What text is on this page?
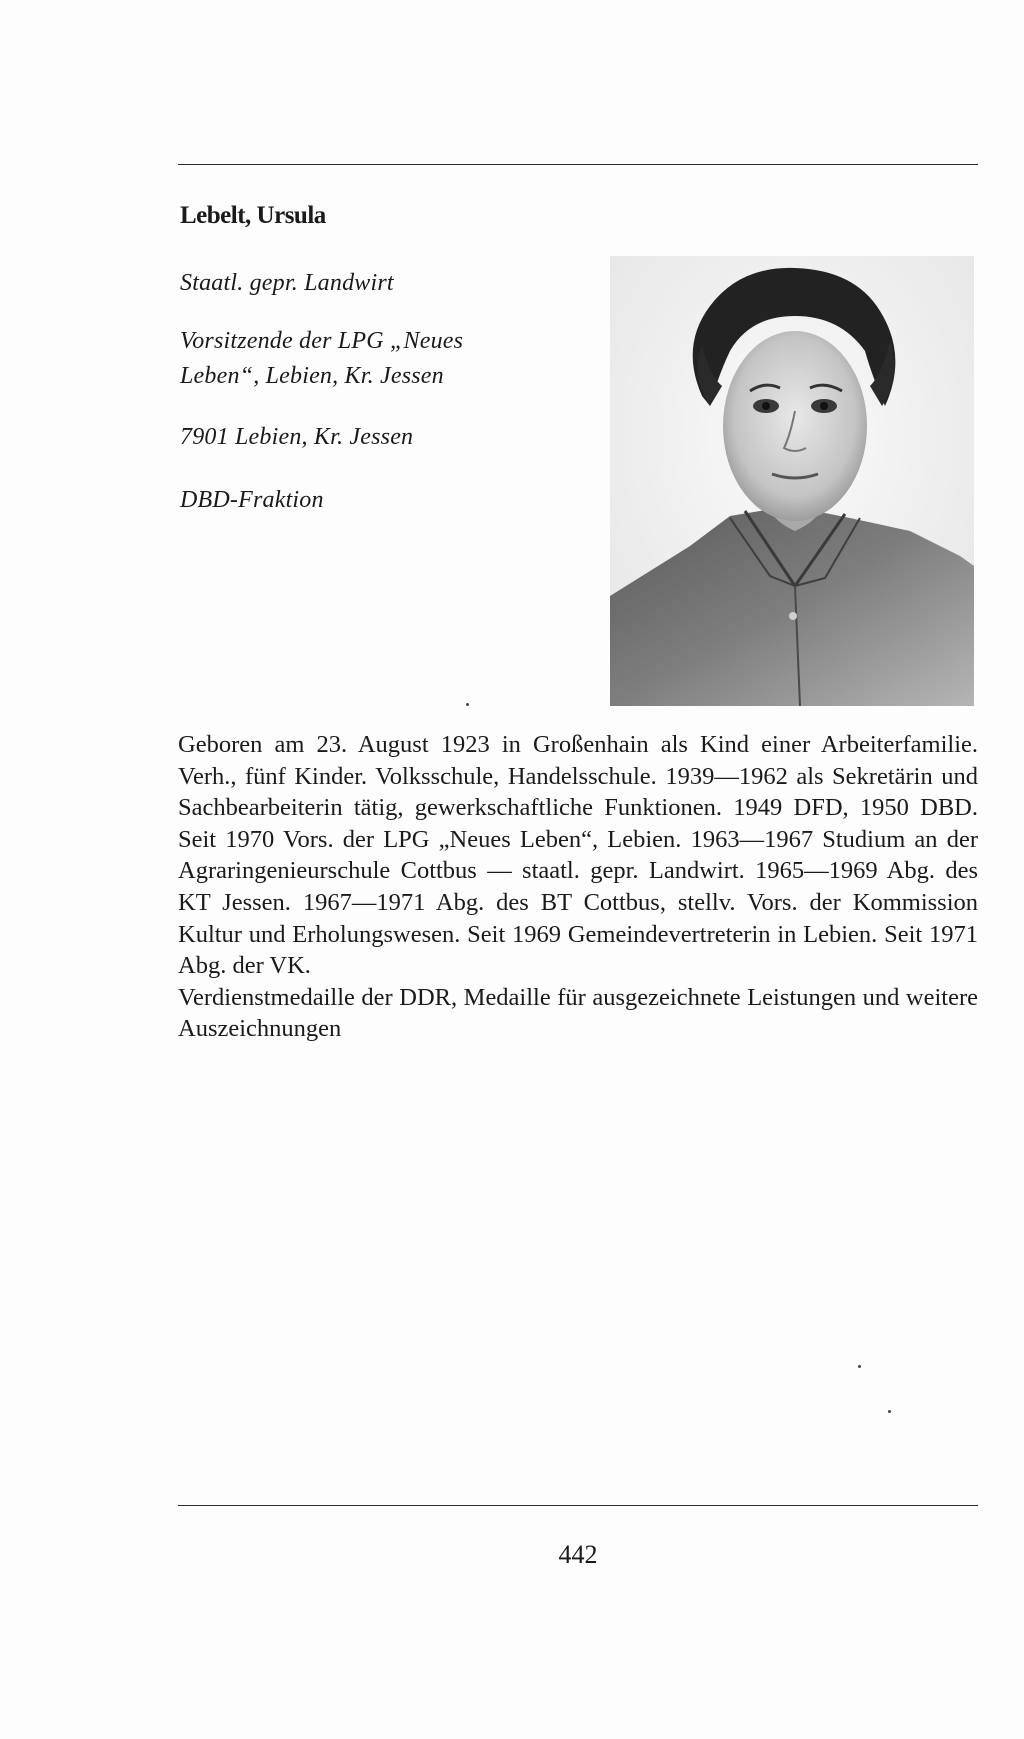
Lebelt, Ursula
Staatl. gepr. Landwirt
Vorsitzende der LPG „Neues Leben“, Lebien, Kr. Jessen
7901 Lebien, Kr. Jessen
DBD-Fraktion

Geboren am 23. August 1923 in Großenhain als Kind einer Arbeiterfamilie. Verh., fünf Kinder. Volksschule, Handelsschule. 1939—1962 als Sekretärin und Sachbearbeiterin tätig, gewerkschaftliche Funktionen. 1949 DFD, 1950 DBD. Seit 1970 Vors. der LPG „Neues Leben“, Lebien. 1963—1967 Studium an der Agraringenieurschule Cottbus — staatl. gepr. Landwirt. 1965—1969 Abg. des KT Jessen. 1967—1971 Abg. des BT Cottbus, stellv. Vors. der Kommission Kultur und Erholungswesen. Seit 1969 Gemeindevertreterin in Lebien. Seit 1971 Abg. der VK.

Verdienstmedaille der DDR, Medaille für ausgezeichnete Leistungen und weitere Auszeichnungen

442
